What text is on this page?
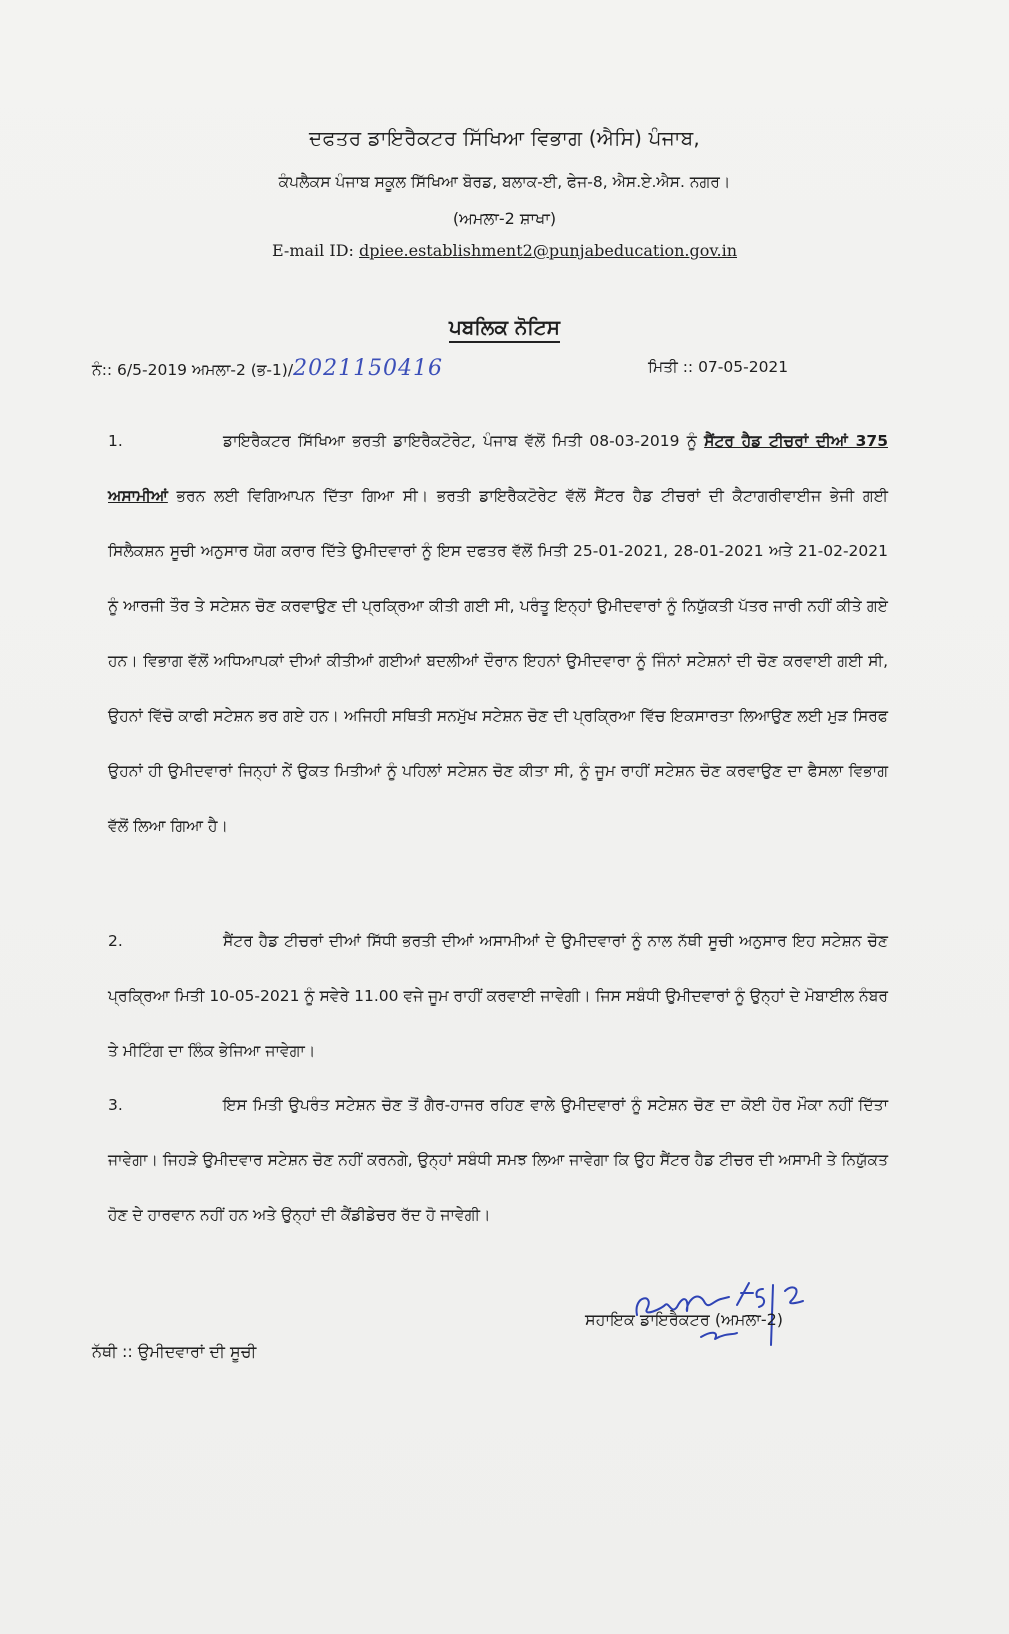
ਦਫਤਰ ਡਾਇਰੈਕਟਰ ਸਿੱਖਿਆ ਵਿਭਾਗ (ਐਸਿ) ਪੰਜਾਬ,
ਕੰਪਲੈਕਸ ਪੰਜਾਬ ਸਕੂਲ ਸਿੱਖਿਆ ਬੋਰਡ, ਬਲਾਕ-ਈ, ਫੇਜ-8, ਐਸ.ਏ.ਐਸ. ਨਗਰ।
(ਅਮਲਾ-2 ਸ਼ਾਖਾ)
E-mail ID: dpiee.establishment2@punjabeducation.gov.in
ਪਬਲਿਕ ਨੋਟਿਸ
ਨੰ:: 6/5-2019 ਅਮਲਾ-2 (ਭ-1)/2021150416	ਮਿਤੀ :: 07-05-2021
1.	ਡਾਇਰੈਕਟਰ ਸਿੱਖਿਆ ਭਰਤੀ ਡਾਇਰੈਕਟੋਰੇਟ, ਪੰਜਾਬ ਵੱਲੋਂ ਮਿਤੀ 08-03-2019 ਨੂੰ ਸੈਂਟਰ ਹੈਡ ਟੀਚਰਾਂ ਦੀਆਂ 375 ਅਸਾਮੀਆਂ ਭਰਨ ਲਈ ਵਿਗਿਆਪਨ ਦਿੱਤਾ ਗਿਆ ਸੀ। ਭਰਤੀ ਡਾਇਰੈਕਟੋਰੇਟ ਵੱਲੋਂ ਸੈਂਟਰ ਹੈਡ ਟੀਚਰਾਂ ਦੀ ਕੈਟਾਗਰੀਵਾਈਜ ਭੇਜੀ ਗਈ ਸਿਲੈਕਸ਼ਨ ਸੂਚੀ ਅਨੁਸਾਰ ਯੋਗ ਕਰਾਰ ਦਿੱਤੇ ਉਮੀਦਵਾਰਾਂ ਨੂੰ ਇਸ ਦਫਤਰ ਵੱਲੋਂ ਮਿਤੀ 25-01-2021, 28-01-2021 ਅਤੇ 21-02-2021 ਨੂੰ ਆਰਜੀ ਤੌਰ ਤੇ ਸਟੇਸ਼ਨ ਚੋਣ ਕਰਵਾਉਣ ਦੀ ਪ੍ਰਕ੍ਰਿਆ ਕੀਤੀ ਗਈ ਸੀ, ਪਰੰਤੂ ਇਨ੍ਹਾਂ ਉਮੀਦਵਾਰਾਂ ਨੂੰ ਨਿਯੁੱਕਤੀ ਪੱਤਰ ਜਾਰੀ ਨਹੀਂ ਕੀਤੇ ਗਏ ਹਨ। ਵਿਭਾਗ ਵੱਲੋਂ ਅਧਿਆਪਕਾਂ ਦੀਆਂ ਕੀਤੀਆਂ ਗਈਆਂ ਬਦਲੀਆਂ ਦੌਰਾਨ ਇਹਨਾਂ ਉਮੀਦਵਾਰਾ ਨੂੰ ਜਿੰਨਾਂ ਸਟੇਸ਼ਨਾਂ ਦੀ ਚੋਣ ਕਰਵਾਈ ਗਈ ਸੀ, ਉਹਨਾਂ ਵਿੱਚੋ ਕਾਫੀ ਸਟੇਸ਼ਨ ਭਰ ਗਏ ਹਨ। ਅਜਿਹੀ ਸਥਿਤੀ ਸਨਮੁੱਖ ਸਟੇਸ਼ਨ ਚੋਣ ਦੀ ਪ੍ਰਕ੍ਰਿਆ ਵਿੱਚ ਇਕਸਾਰਤਾ ਲਿਆਉਣ ਲਈ ਮੁੜ ਸਿਰਫ ਉਹਨਾਂ ਹੀ ਉਮੀਦਵਾਰਾਂ ਜਿਨ੍ਹਾਂ ਨੇਂ ਉਕਤ ਮਿਤੀਆਂ ਨੂੰ ਪਹਿਲਾਂ ਸਟੇਸ਼ਨ ਚੋਣ ਕੀਤਾ ਸੀ, ਨੂੰ ਜੂਮ ਰਾਹੀਂ ਸਟੇਸ਼ਨ ਚੋਣ ਕਰਵਾਉਣ ਦਾ ਫੈਸਲਾ ਵਿਭਾਗ ਵੱਲੋਂ ਲਿਆ ਗਿਆ ਹੈ।
2.	ਸੈਂਟਰ ਹੈਡ ਟੀਚਰਾਂ ਦੀਆਂ ਸਿੱਧੀ ਭਰਤੀ ਦੀਆਂ ਅਸਾਮੀਆਂ ਦੇ ਉਮੀਦਵਾਰਾਂ ਨੂੰ ਨਾਲ ਨੱਥੀ ਸੂਚੀ ਅਨੁਸਾਰ ਇਹ ਸਟੇਸ਼ਨ ਚੋਣ ਪ੍ਰਕ੍ਰਿਆ ਮਿਤੀ 10-05-2021 ਨੂੰ ਸਵੇਰੇ 11.00 ਵਜੇ ਜੂਮ ਰਾਹੀਂ ਕਰਵਾਈ ਜਾਵੇਗੀ। ਜਿਸ ਸਬੰਧੀ ਉਮੀਦਵਾਰਾਂ ਨੂੰ ਉਨ੍ਹਾਂ ਦੇ ਮੋਬਾਈਲ ਨੰਬਰ ਤੇ ਮੀਟਿੰਗ ਦਾ ਲਿੰਕ ਭੇਜਿਆ ਜਾਵੇਗਾ।
3.	ਇਸ ਮਿਤੀ ਉਪਰੰਤ ਸਟੇਸ਼ਨ ਚੋਣ ਤੋਂ ਗੈਰ-ਹਾਜਰ ਰਹਿਣ ਵਾਲੇ ਉਮੀਦਵਾਰਾਂ ਨੂੰ ਸਟੇਸ਼ਨ ਚੋਣ ਦਾ ਕੋਈ ਹੋਰ ਮੌਕਾ ਨਹੀਂ ਦਿੱਤਾ ਜਾਵੇਗਾ। ਜਿਹੜੇ ਉਮੀਦਵਾਰ ਸਟੇਸ਼ਨ ਚੋਣ ਨਹੀਂ ਕਰਨਗੇ, ਉਨ੍ਹਾਂ ਸਬੰਧੀ ਸਮਝ ਲਿਆ ਜਾਵੇਗਾ ਕਿ ਉਹ ਸੈਂਟਰ ਹੈਡ ਟੀਚਰ ਦੀ ਅਸਾਮੀ ਤੇ ਨਿਯੁੱਕਤ ਹੋਣ ਦੇ ਹਾਰਵਾਨ ਨਹੀਂ ਹਨ ਅਤੇ ਉਨ੍ਹਾਂ ਦੀ ਕੈਂਡੀਡੇਚਰ ਰੱਦ ਹੋ ਜਾਵੇਗੀ।
ਸਹਾਇਕ ਡਾਇਰੈਕਟਰ (ਅਮਲਾ-2)
ਨੱਥੀ :: ਉਮੀਦਵਾਰਾਂ ਦੀ ਸੂਚੀ
